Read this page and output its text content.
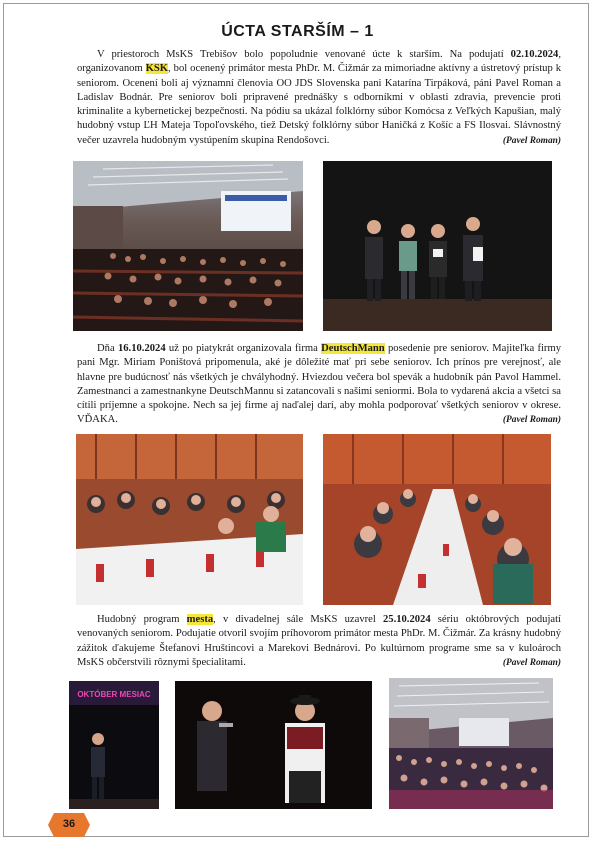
ÚCTA STARŠÍM – 1

V priestoroch MsKS Trebišov bolo popoludnie venované úcte k starším. Na podujatí 02.10.2024, organizovanom KSK, bol ocenený primátor mesta PhDr. M. Čižmár za mimoriadne aktívny a ústretový prístup k seniorom. Ocenení boli aj významní členovia OO JDS Slovenska pani Katarína Tirpáková, páni Pavel Roman a Ladislav Bodnár. Pre seniorov boli pripravené prednášky s odborníkmi v oblasti zdravia, prevencie proti kriminalite a kybernetickej bezpečnosti. Na pódiu sa ukázal folklórny súbor Komócsa z Veľkých Kapušian, malý hudobný vstup ĽH Mateja Topoľovského, tiež Detský folklórny súbor Haničká z Košíc a FS Ilosvai. Slávnostný večer uzavrela hudobným vystúpením skupina Rendošovci.	(Pavel Roman)

Dňa 16.10.2024 už po piatykrát organizovala firma DeutschMann posedenie pre seniorov. Majiteľka firmy pani Mgr. Miriam Poništová pripomenula, aké je dôležité mať pri sebe seniorov. Ich prínos pre verejnosť, ale hlavne pre budúcnosť nás všetkých je chvályhodný. Hviezdou večera bol spevák a hudobník pán Pavol Hammel. Zamestnanci a zamestnankyne DeutschMannu si zatancovali s našimi seniormi. Bola to vydarená akcia a všetci sa cítili príjemne a spokojne. Nech sa jej firme aj naďalej darí, aby mohla podporovať všetkých seniorov v okrese. VĎAKA.	(Pavel Roman)

Hudobný program mesta, v divadelnej sále MsKS uzavrel 25.10.2024 sériu októbrových podujatí venovaných seniorom. Podujatie otvoril svojím príhovorom primátor mesta PhDr. M. Čižmár. Za krásny hudobný zážitok ďakujeme Štefanovi Hruštincovi a Marekovi Bednárovi. Po kultúrnom programe sme sa v kuloároch MsKS občerstvili rôznymi špecialitami.	(Pavel Roman)

OKTÓBER MESIAC
36
